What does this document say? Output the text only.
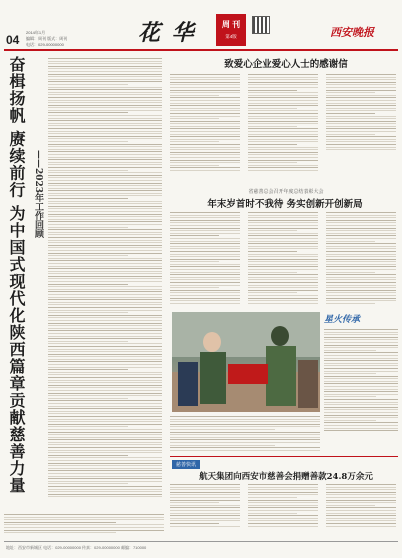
04
2014年1月
编辑：周刊 版式：周刊
电话：029-00000000	花 华	周 刊
第4版	西安晚报
奋楫扬帆 赓续前行 为中国式现代化陕西篇章贡献慈善力量 ——2023年工作回顾
致爱心企业爱心人士的感谢信
省慈善总会召开年度总结表彰大会
年末岁首时不我待 务实创新开创新局
星火传承
慈善快讯
航天集团向西安市慈善会捐赠善款24.8万余元
地址：西安市新城区 电话：029-00000000 传真：029-00000000 邮编：710000
